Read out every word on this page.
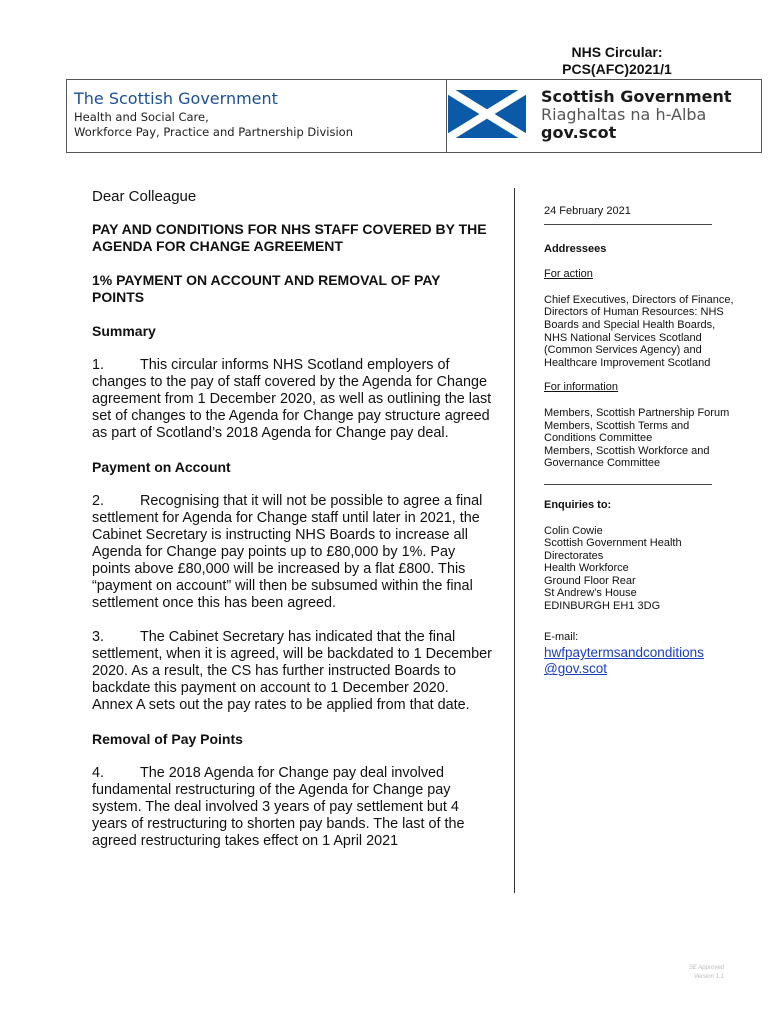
NHS Circular:
PCS(AFC)2021/1
The Scottish Government
Health and Social Care,
Workforce Pay, Practice and Partnership Division
Scottish Government
Riaghaltas na h-Alba
gov.scot

Dear Colleague

PAY AND CONDITIONS FOR NHS STAFF COVERED BY THE AGENDA FOR CHANGE AGREEMENT
1% PAYMENT ON ACCOUNT AND REMOVAL OF PAY POINTS
Summary

1. This circular informs NHS Scotland employers of changes to the pay of staff covered by the Agenda for Change agreement from 1 December 2020, as well as outlining the last set of changes to the Agenda for Change pay structure agreed as part of Scotland’s 2018 Agenda for Change pay deal.

Payment on Account

2. Recognising that it will not be possible to agree a final settlement for Agenda for Change staff until later in 2021, the Cabinet Secretary is instructing NHS Boards to increase all Agenda for Change pay points up to £80,000 by 1%. Pay points above £80,000 will be increased by a flat £800. This “payment on account” will then be subsumed within the final settlement once this has been agreed.

3. The Cabinet Secretary has indicated that the final settlement, when it is agreed, will be backdated to 1 December 2020. As a result, the CS has further instructed Boards to backdate this payment on account to 1 December 2020. Annex A sets out the pay rates to be applied from that date.

Removal of Pay Points

4. The 2018 Agenda for Change pay deal involved fundamental restructuring of the Agenda for Change pay system. The deal involved 3 years of pay settlement but 4 years of restructuring to shorten pay bands. The last of the agreed restructuring takes effect on 1 April 2021

24 February 2021
Addressees
For action
Chief Executives, Directors of Finance, Directors of Human Resources: NHS Boards and Special Health Boards, NHS National Services Scotland (Common Services Agency) and Healthcare Improvement Scotland
For information
Members, Scottish Partnership Forum
Members, Scottish Terms and Conditions Committee
Members, Scottish Workforce and Governance Committee
Enquiries to:
Colin Cowie
Scottish Government Health Directorates
Health Workforce
Ground Floor Rear
St Andrew’s House
EDINBURGH EH1 3DG
E-mail:
hwfpaytermsandconditions
@gov.scot
SE Approved
Version 1.1
